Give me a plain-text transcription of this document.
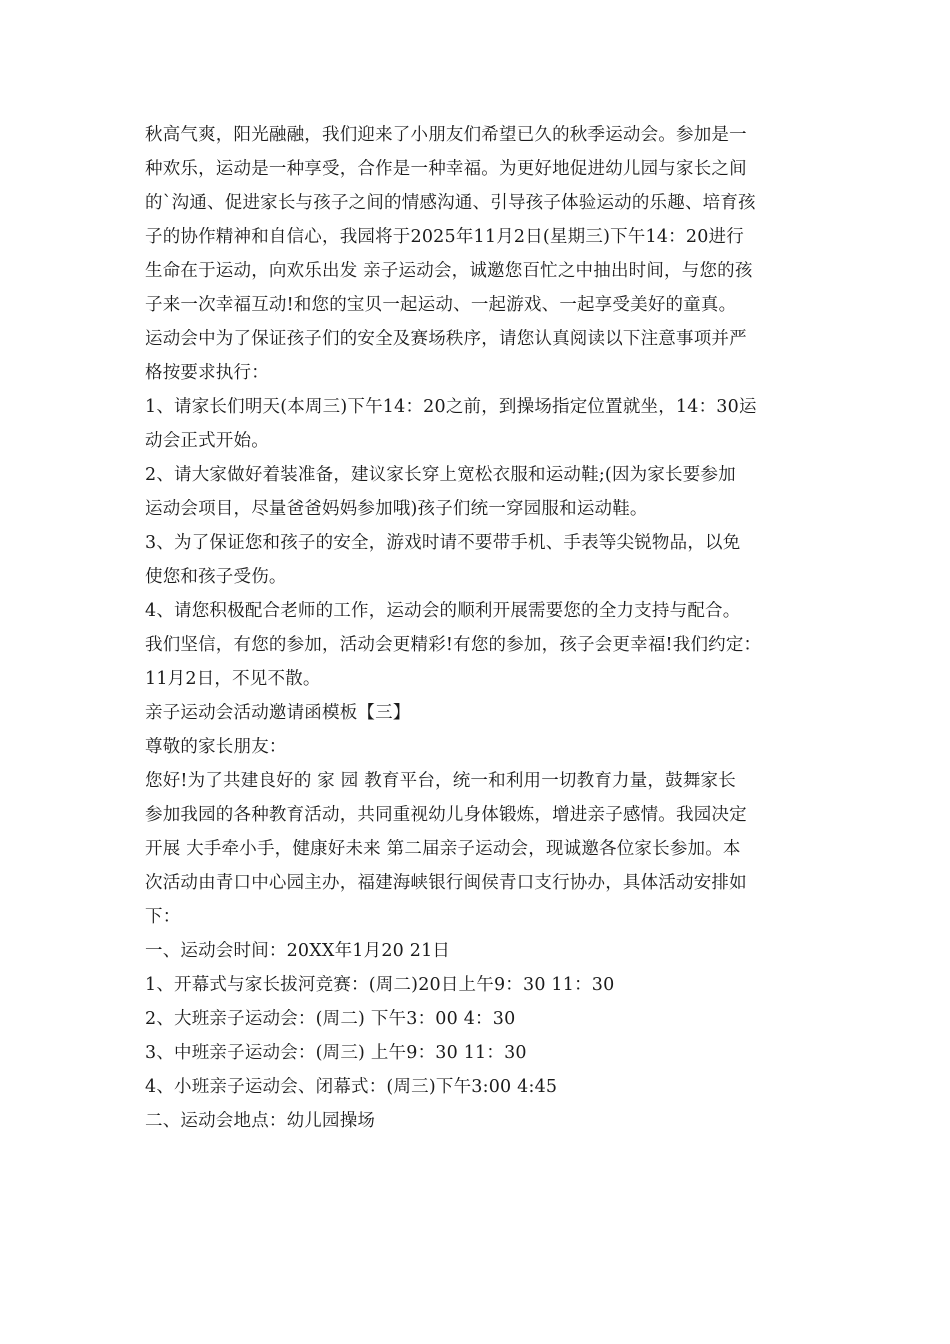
秋高气爽，阳光融融，我们迎来了小朋友们希望已久的秋季运动会。参加是一
种欢乐，运动是一种享受，合作是一种幸福。为更好地促进幼儿园与家长之间
的`沟通、促进家长与孩子之间的情感沟通、引导孩子体验运动的乐趣、培育孩
子的协作精神和自信心，我园将于2025年11月2日(星期三)下午14：20进行
生命在于运动，向欢乐出发 亲子运动会，诚邀您百忙之中抽出时间，与您的孩
子来一次幸福互动!和您的宝贝一起运动、一起游戏、一起享受美好的童真。
运动会中为了保证孩子们的安全及赛场秩序，请您认真阅读以下注意事项并严
格按要求执行：
1、请家长们明天(本周三)下午14：20之前，到操场指定位置就坐，14：30运
动会正式开始。
2、请大家做好着装准备，建议家长穿上宽松衣服和运动鞋;(因为家长要参加
运动会项目，尽量爸爸妈妈参加哦)孩子们统一穿园服和运动鞋。
3、为了保证您和孩子的安全，游戏时请不要带手机、手表等尖锐物品，以免
使您和孩子受伤。
4、请您积极配合老师的工作，运动会的顺利开展需要您的全力支持与配合。
我们坚信，有您的参加，活动会更精彩!有您的参加，孩子会更幸福!我们约定：
11月2日，不见不散。
亲子运动会活动邀请函模板【三】
尊敬的家长朋友：
您好!为了共建良好的 家 园 教育平台，统一和利用一切教育力量，鼓舞家长
参加我园的各种教育活动，共同重视幼儿身体锻炼，增进亲子感情。我园决定
开展 大手牵小手，健康好未来 第二届亲子运动会，现诚邀各位家长参加。本
次活动由青口中心园主办，福建海峡银行闽侯青口支行协办，具体活动安排如
下：
一、运动会时间：20XX年1月20 21日
1、开幕式与家长拔河竞赛：(周二)20日上午9：30 11：30
2、大班亲子运动会：(周二) 下午3：00 4：30
3、中班亲子运动会：(周三) 上午9：30 11：30
4、小班亲子运动会、闭幕式：(周三)下午3:00 4:45
二、运动会地点：幼儿园操场
